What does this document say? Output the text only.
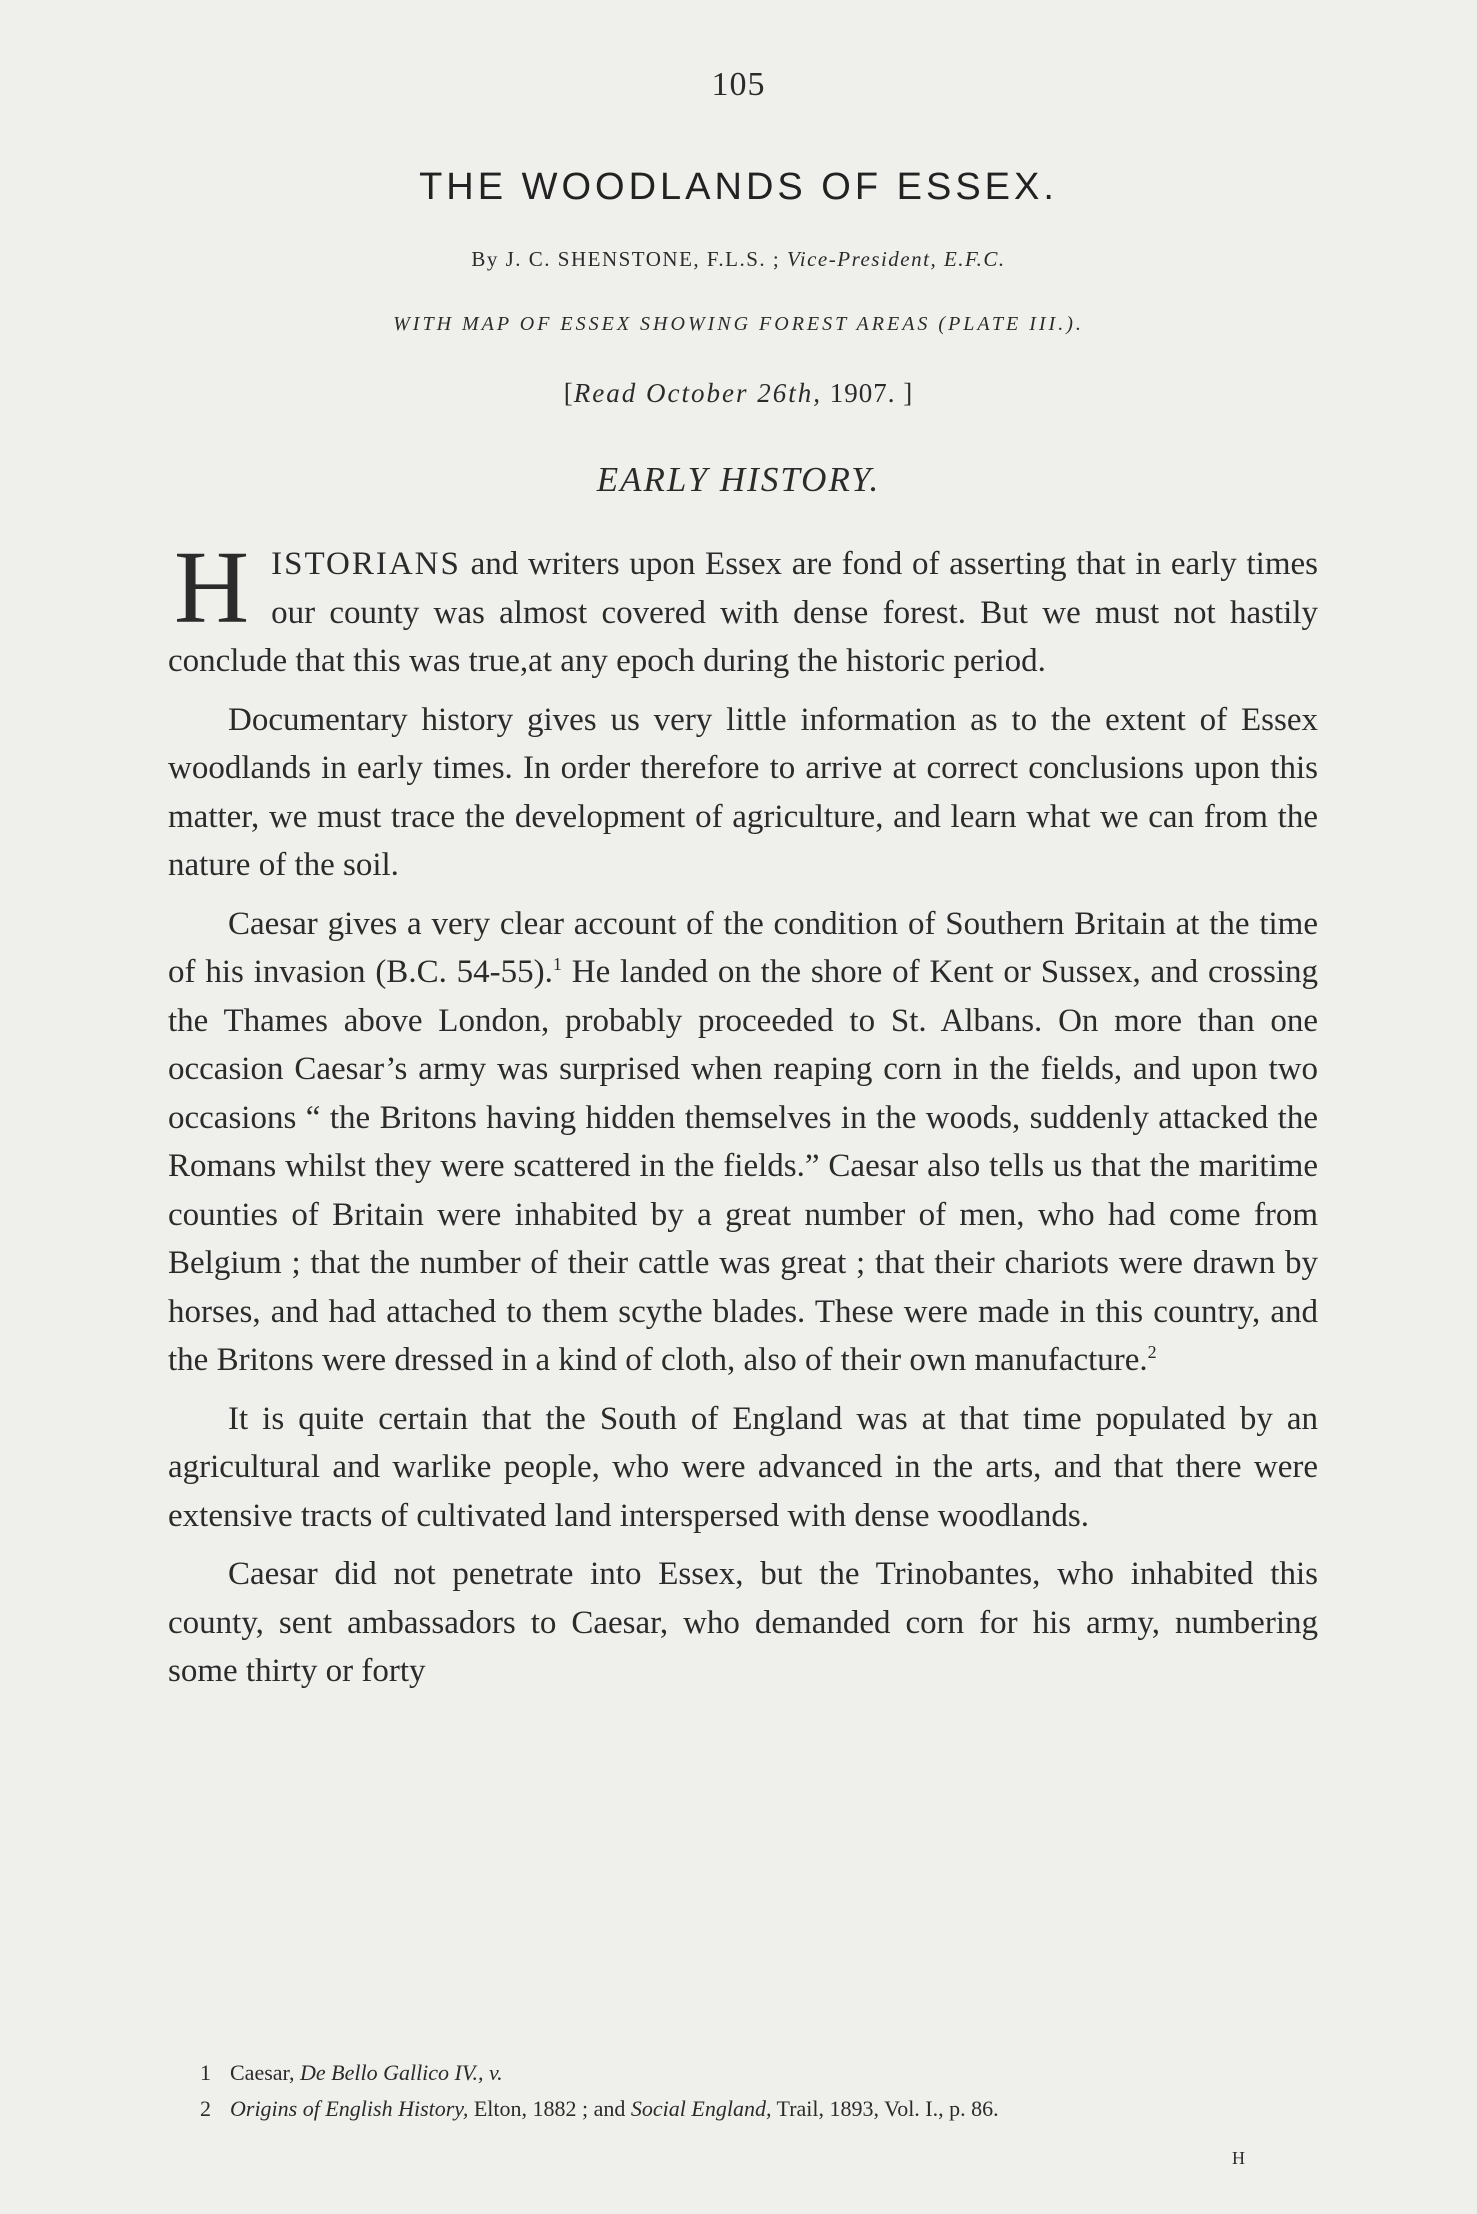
105
THE WOODLANDS OF ESSEX.
By J. C. SHENSTONE, F.L.S. ; Vice-President, E.F.C.
WITH MAP OF ESSEX SHOWING FOREST AREAS (PLATE III.).
[Read October 26th, 1907. ]
EARLY HISTORY.

HISTORIANS and writers upon Essex are fond of asserting that in early times our county was almost covered with dense forest. But we must not hastily conclude that this was true,at any epoch during the historic period.

Documentary history gives us very little information as to the extent of Essex woodlands in early times. In order therefore to arrive at correct conclusions upon this matter, we must trace the development of agriculture, and learn what we can from the nature of the soil.

Caesar gives a very clear account of the condition of Southern Britain at the time of his invasion (B.C. 54-55).$^1$ He landed on the shore of Kent or Sussex, and crossing the Thames above London, probably proceeded to St. Albans. On more than one occasion Caesar’s army was surprised when reaping corn in the fields, and upon two occasions “ the Britons having hidden themselves in the woods, suddenly attacked the Romans whilst they were scattered in the fields.” Caesar also tells us that the maritime counties of Britain were inhabited by a great number of men, who had come from Belgium ; that the number of their cattle was great ; that their chariots were drawn by horses, and had attached to them scythe blades. These were made in this country, and the Britons were dressed in a kind of cloth, also of their own manufacture.$^2$

It is quite certain that the South of England was at that time populated by an agricultural and warlike people, who were advanced in the arts, and that there were extensive tracts of cultivated land interspersed with dense woodlands.

Caesar did not penetrate into Essex, but the Trinobantes, who inhabited this county, sent ambassadors to Caesar, who demanded corn for his army, numbering some thirty or forty

1 Caesar, De Bello Gallico IV., v.
2 Origins of English History, Elton, 1882 ; and Social England, Trail, 1893, Vol. I., p. 86.
H
